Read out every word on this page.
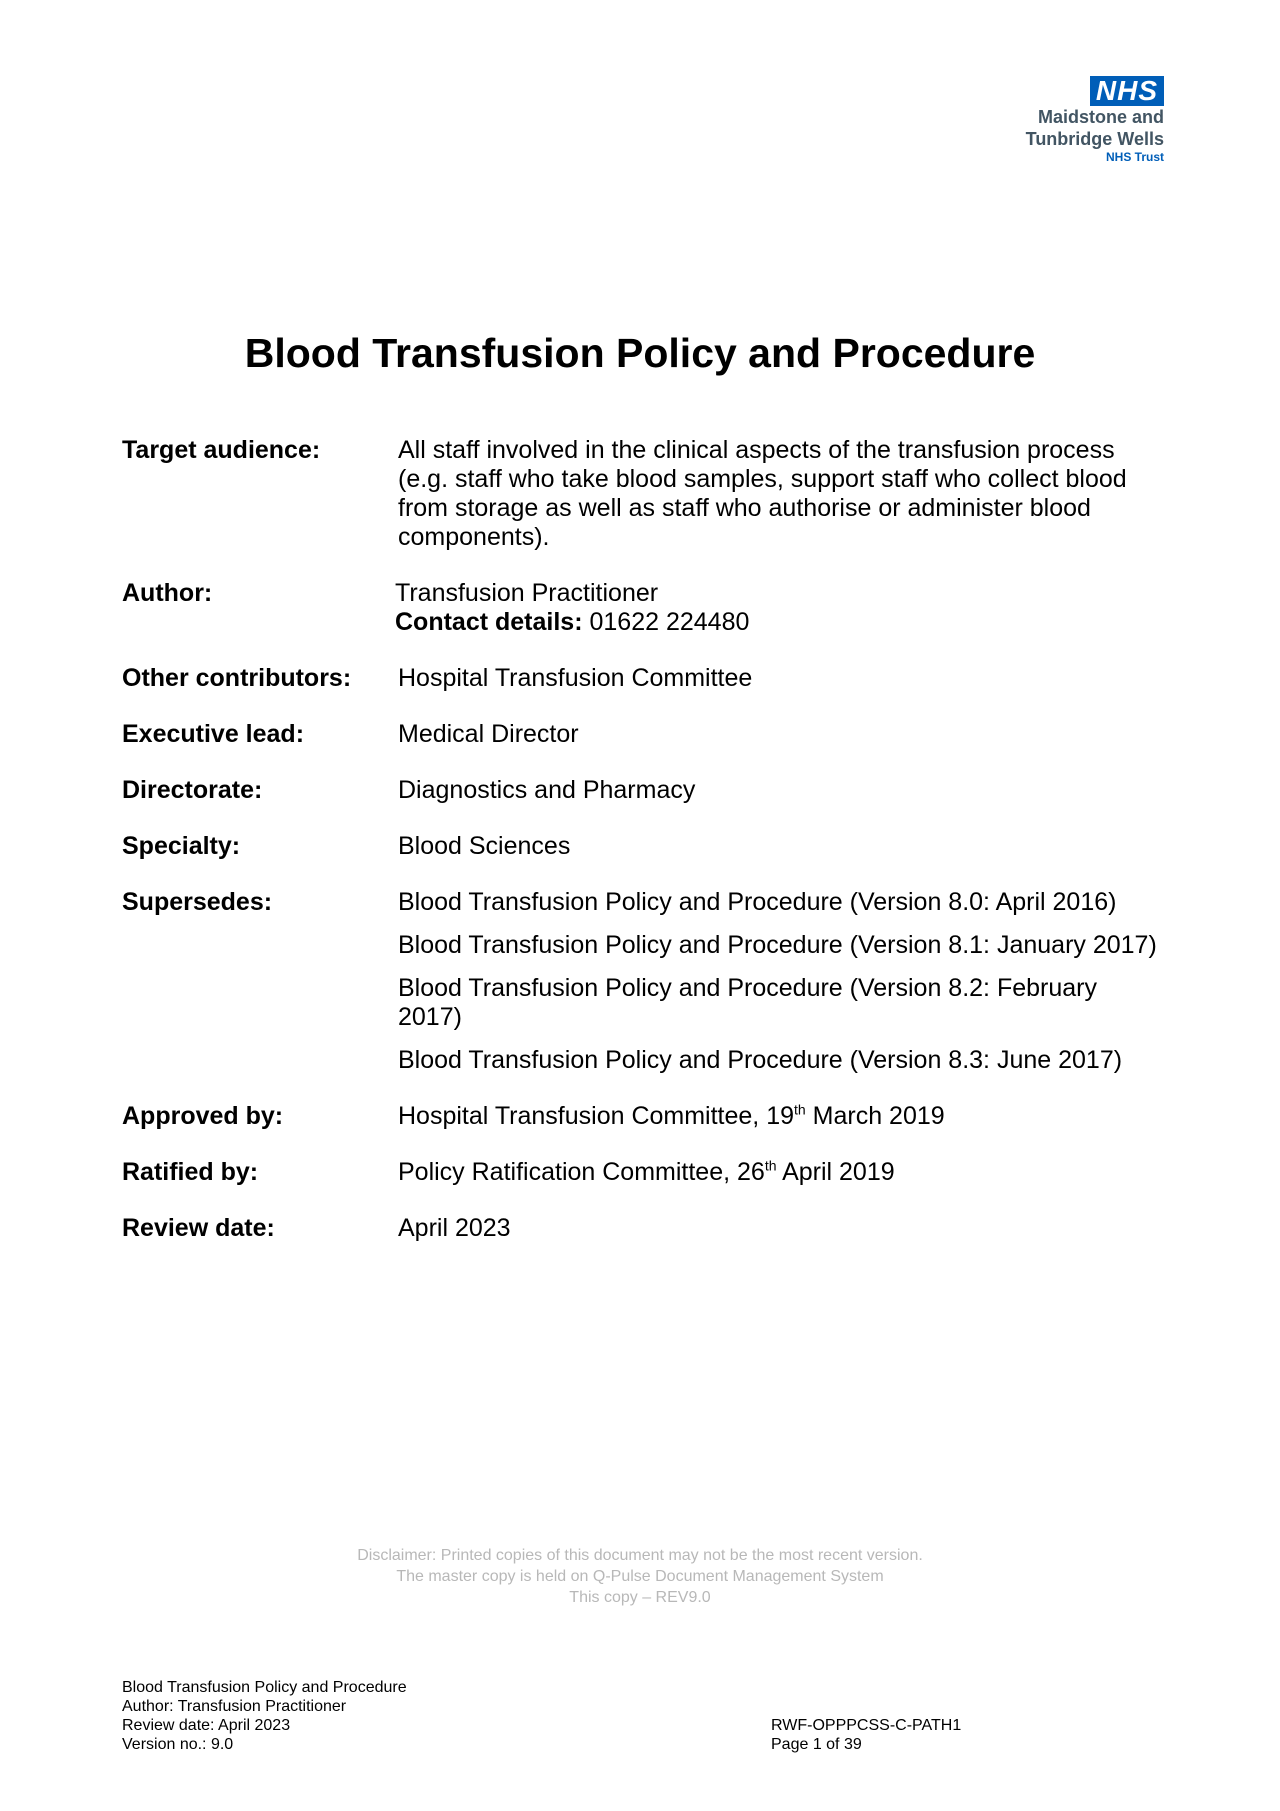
NHS
Maidstone and
Tunbridge Wells
NHS Trust
Blood Transfusion Policy and Procedure
Target audience:	All staff involved in the clinical aspects of the transfusion process (e.g. staff who take blood samples, support staff who collect blood from storage as well as staff who authorise or administer blood components).
Author:	Transfusion Practitioner
Contact details: 01622 224480
Other contributors:	Hospital Transfusion Committee
Executive lead:	Medical Director
Directorate:	Diagnostics and Pharmacy
Specialty:	Blood Sciences
Supersedes:	Blood Transfusion Policy and Procedure (Version 8.0: April 2016)

Blood Transfusion Policy and Procedure (Version 8.1: January 2017)

Blood Transfusion Policy and Procedure (Version 8.2: February 2017)

Blood Transfusion Policy and Procedure (Version 8.3: June 2017)

Approved by:	Hospital Transfusion Committee, 19th March 2019
Ratified by:	Policy Ratification Committee, 26th April 2019
Review date:	April 2023
Disclaimer: Printed copies of this document may not be the most recent version.
The master copy is held on Q-Pulse Document Management System
This copy – REV9.0
Blood Transfusion Policy and Procedure
Author: Transfusion Practitioner
Review date: April 2023
Version no.: 9.0
RWF-OPPPCSS-C-PATH1
Page 1 of 39
